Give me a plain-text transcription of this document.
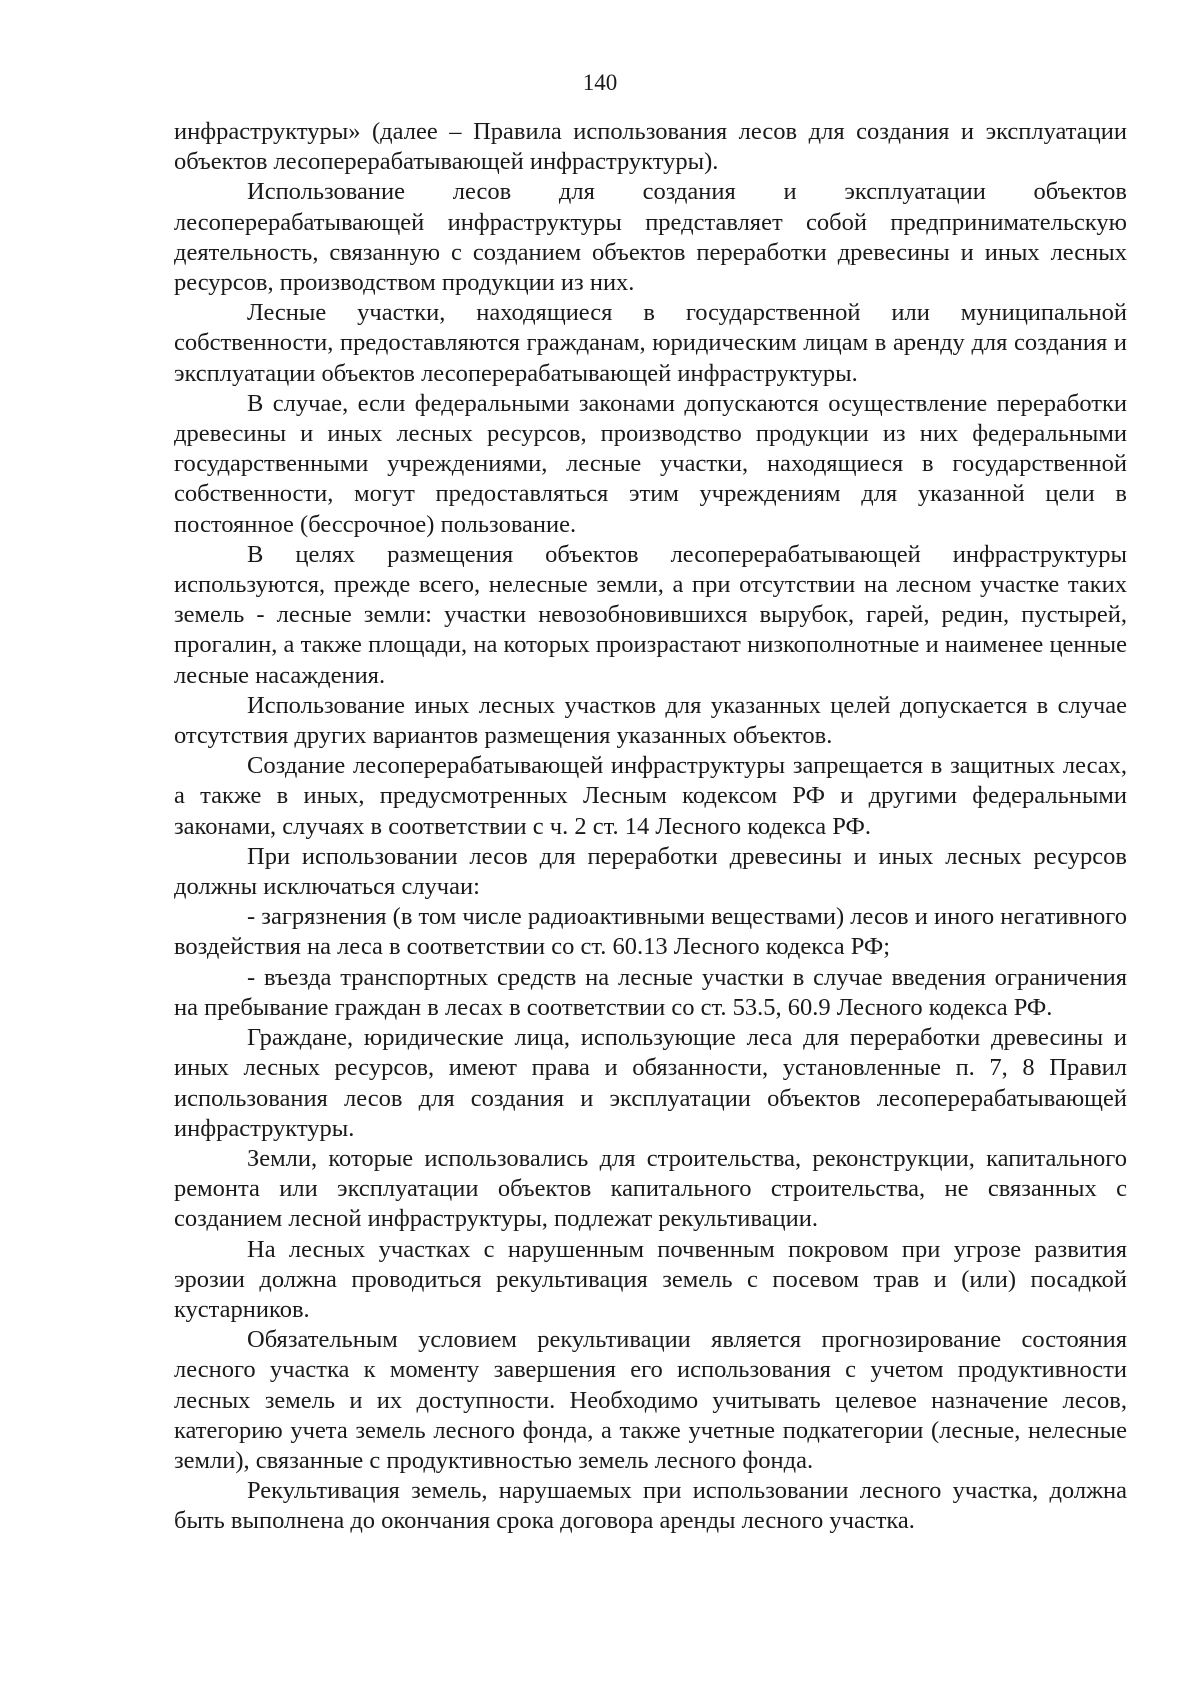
140

инфраструктуры» (далее – Правила использования лесов для создания и эксплуатации объектов лесоперерабатывающей инфраструктуры).

Использование лесов для создания и эксплуатации объектов лесоперерабатывающей инфраструктуры представляет собой предпринимательскую деятельность, связанную с созданием объектов переработки древесины и иных лесных ресурсов, производством продукции из них.

Лесные участки, находящиеся в государственной или муниципальной собственности, предоставляются гражданам, юридическим лицам в аренду для создания и эксплуатации объектов лесоперерабатывающей инфраструктуры.

В случае, если федеральными законами допускаются осуществление переработки древесины и иных лесных ресурсов, производство продукции из них федеральными государственными учреждениями, лесные участки, находящиеся в государственной собственности, могут предоставляться этим учреждениям для указанной цели в постоянное (бессрочное) пользование.

В целях размещения объектов лесоперерабатывающей инфраструктуры используются, прежде всего, нелесные земли, а при отсутствии на лесном участке таких земель - лесные земли: участки невозобновившихся вырубок, гарей, редин, пустырей, прогалин, а также площади, на которых произрастают низкополнотные и наименее ценные лесные насаждения.

Использование иных лесных участков для указанных целей допускается в случае отсутствия других вариантов размещения указанных объектов.

Создание лесоперерабатывающей инфраструктуры запрещается в защитных лесах, а также в иных, предусмотренных Лесным кодексом РФ и другими федеральными законами, случаях в соответствии с ч. 2 ст. 14 Лесного кодекса РФ.

При использовании лесов для переработки древесины и иных лесных ресурсов должны исключаться случаи:

- загрязнения (в том числе радиоактивными веществами) лесов и иного негативного воздействия на леса в соответствии со ст. 60.13 Лесного кодекса РФ;

- въезда транспортных средств на лесные участки в случае введения ограничения на пребывание граждан в лесах в соответствии со ст. 53.5, 60.9 Лесного кодекса РФ.

Граждане, юридические лица, использующие леса для переработки древесины и иных лесных ресурсов, имеют права и обязанности, установленные п. 7, 8 Правил использования лесов для создания и эксплуатации объектов лесоперерабатывающей инфраструктуры.

Земли, которые использовались для строительства, реконструкции, капитального ремонта или эксплуатации объектов капитального строительства, не связанных с созданием лесной инфраструктуры, подлежат рекультивации.

На лесных участках с нарушенным почвенным покровом при угрозе развития эрозии должна проводиться рекультивация земель с посевом трав и (или) посадкой кустарников.

Обязательным условием рекультивации является прогнозирование состояния лесного участка к моменту завершения его использования с учетом продуктивности лесных земель и их доступности. Необходимо учитывать целевое назначение лесов, категорию учета земель лесного фонда, а также учетные подкатегории (лесные, нелесные земли), связанные с продуктивностью земель лесного фонда.

Рекультивация земель, нарушаемых при использовании лесного участка, должна быть выполнена до окончания срока договора аренды лесного участка.
